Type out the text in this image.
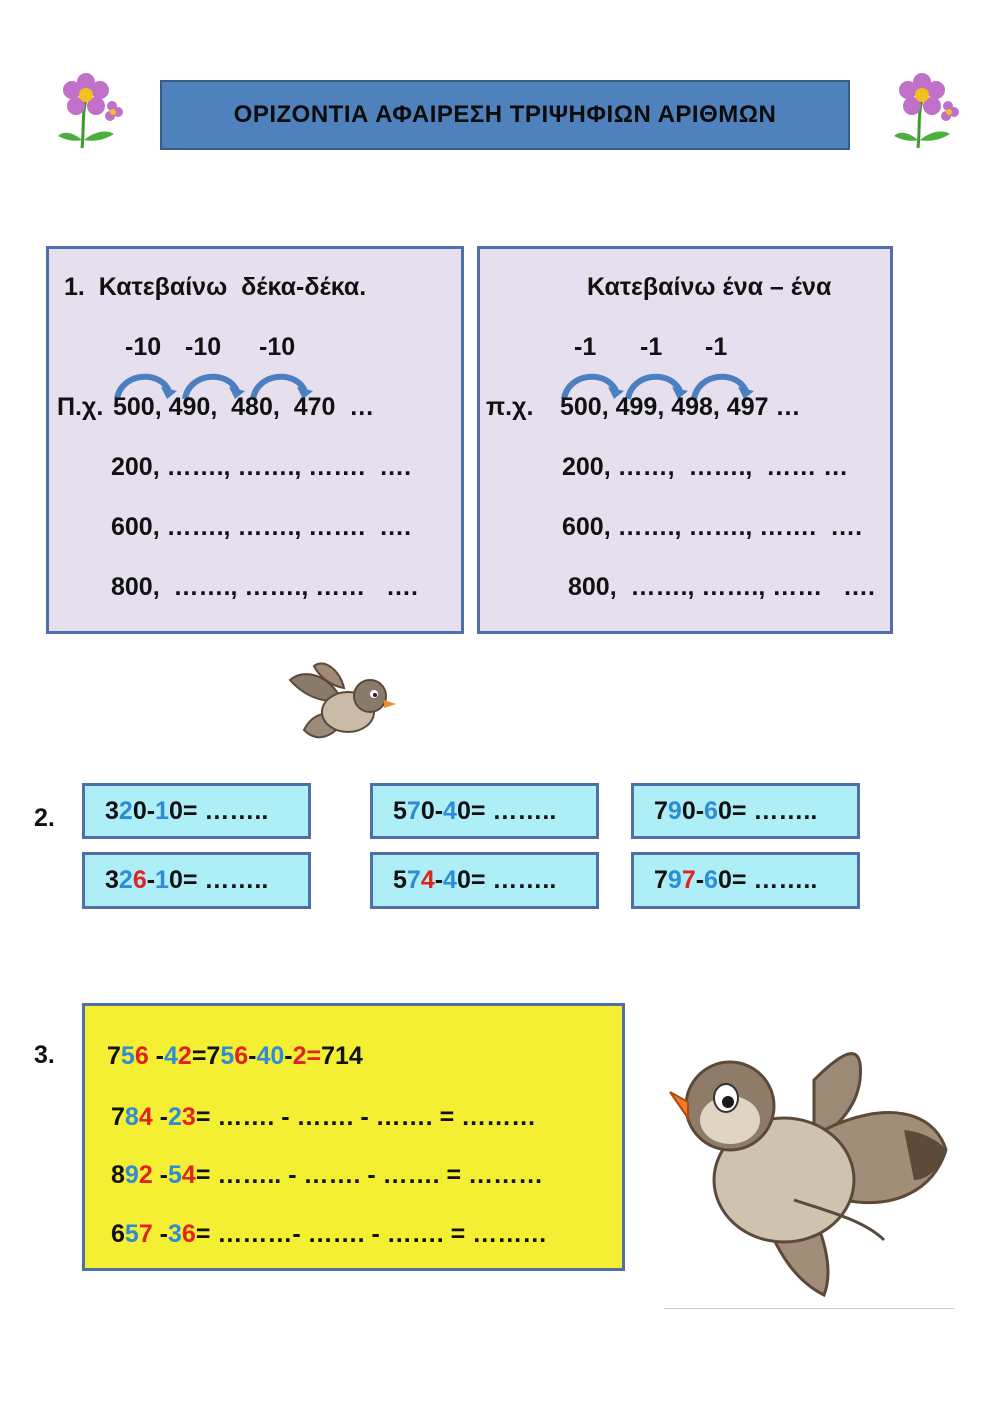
ΟΡΙΖΟΝΤΙΑ ΑΦΑΙΡΕΣΗ ΤΡΙΨΗΦΙΩΝ ΑΡΙΘΜΩΝ
1.  Κατεβαίνω  δέκα-δέκα.
-10 -10 -10
Π.χ. 500, 490,  480,  470  …
200, ……., ……., …….  ….
600, ……., ……., …….  ….
800,  ……., ……., ……   ….
Κατεβαίνω ένα – ένα
-1 -1 -1
π.χ. 500, 499, 498, 497 …
200, ……,  …….,  …… …
600, ……., ……., …….  ….
800,  ……., ……., ……   ….
2. 3 2 0- 1 0= ……..	5 7 0- 4 0= ……..	7 9 0- 6 0= ……..
3 2 6 - 1 0= ……..	5 7 4 - 4 0= ……..	7 9 7 - 6 0= ……..
3. 756 -42=756-40-2=714
784 -23= ……. - ……. - ……. = ………
892 -54= …….. - ……. - ……. = ………
657 -36= ………- ……. - ……. = ………
